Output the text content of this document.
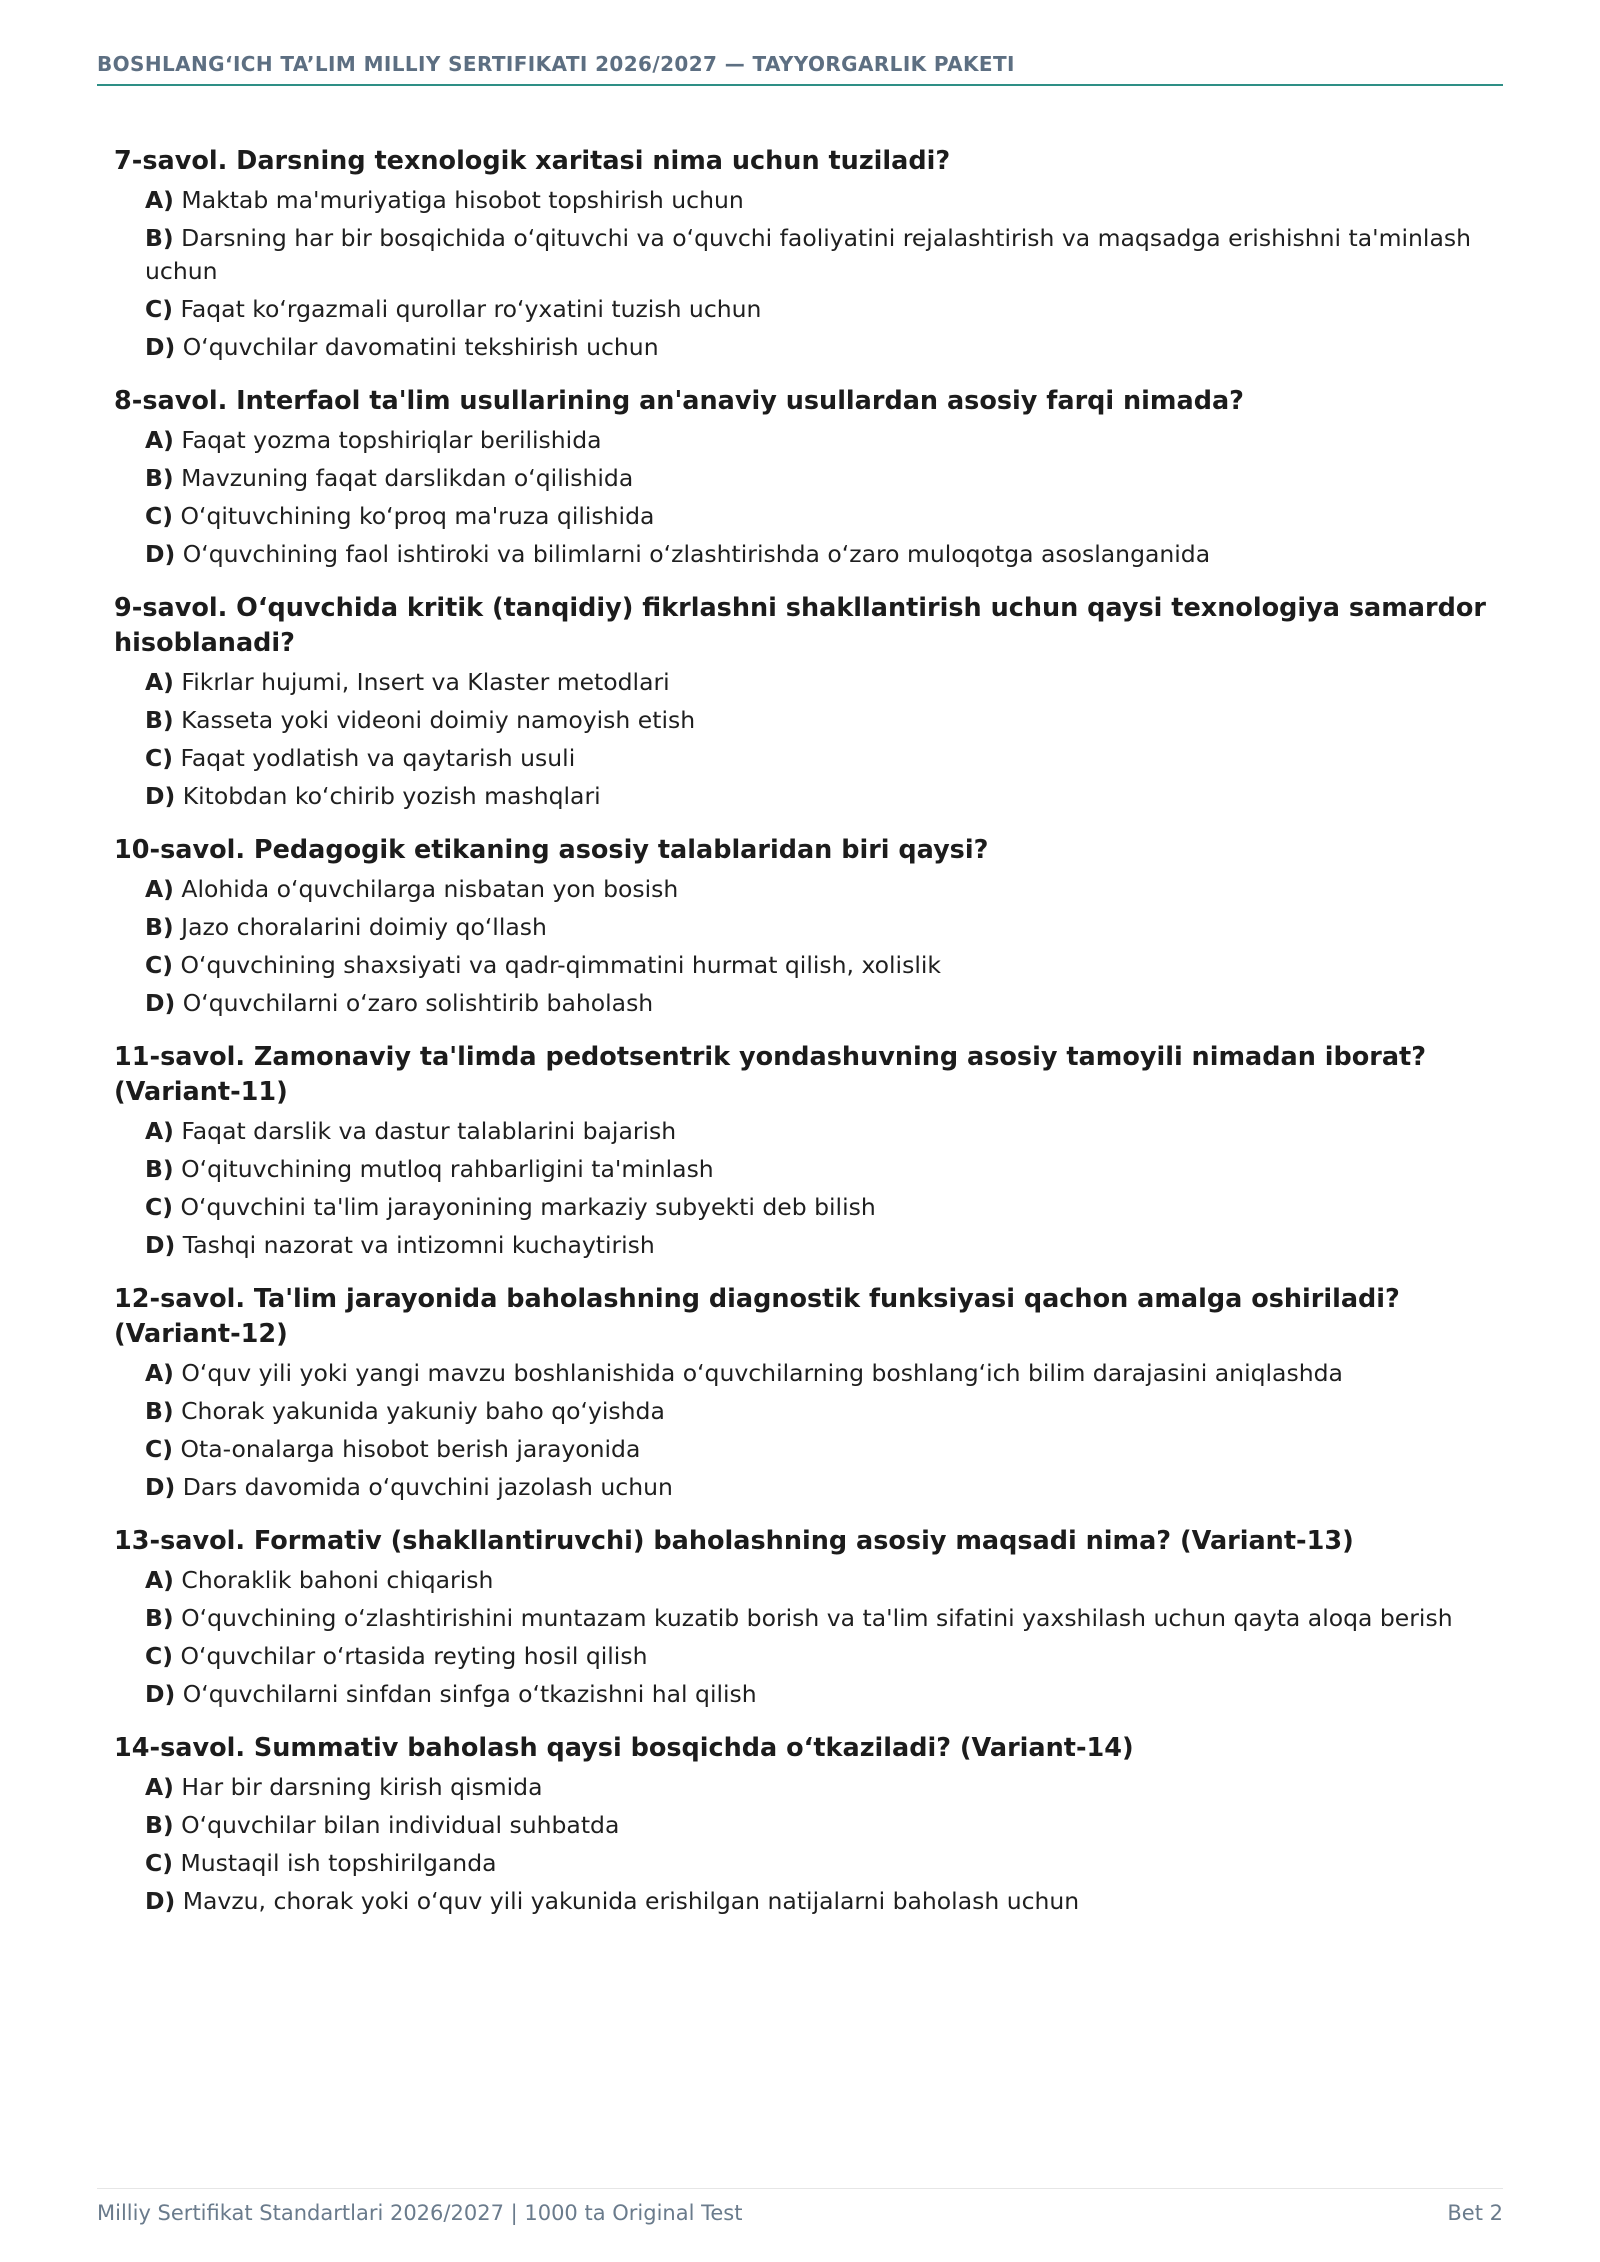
BOSHLANG‘ICH TA’LIM MILLIY SERTIFIKATI 2026/2027 — TAYYORGARLIK PAKETI
7-savol. Darsning texnologik xaritasi nima uchun tuziladi?
A) Maktab ma'muriyatiga hisobot topshirish uchun
B) Darsning har bir bosqichida o‘qituvchi va o‘quvchi faoliyatini rejalashtirish va maqsadga erishishni ta'minlash uchun
C) Faqat ko‘rgazmali qurollar ro‘yxatini tuzish uchun
D) O‘quvchilar davomatini tekshirish uchun
8-savol. Interfaol ta'lim usullarining an'anaviy usullardan asosiy farqi nimada?
A) Faqat yozma topshiriqlar berilishida
B) Mavzuning faqat darslikdan o‘qilishida
C) O‘qituvchining ko‘proq ma'ruza qilishida
D) O‘quvchining faol ishtiroki va bilimlarni o‘zlashtirishda o‘zaro muloqotga asoslanganida
9-savol. O‘quvchida kritik (tanqidiy) fikrlashni shakllantirish uchun qaysi texnologiya samardor hisoblanadi?
A) Fikrlar hujumi, Insert va Klaster metodlari
B) Kasseta yoki videoni doimiy namoyish etish
C) Faqat yodlatish va qaytarish usuli
D) Kitobdan ko‘chirib yozish mashqlari
10-savol. Pedagogik etikaning asosiy talablaridan biri qaysi?
A) Alohida o‘quvchilarga nisbatan yon bosish
B) Jazo choralarini doimiy qo‘llash
C) O‘quvchining shaxsiyati va qadr-qimmatini hurmat qilish, xolislik
D) O‘quvchilarni o‘zaro solishtirib baholash
11-savol. Zamonaviy ta'limda pedotsentrik yondashuvning asosiy tamoyili nimadan iborat? (Variant-11)
A) Faqat darslik va dastur talablarini bajarish
B) O‘qituvchining mutloq rahbarligini ta'minlash
C) O‘quvchini ta'lim jarayonining markaziy subyekti deb bilish
D) Tashqi nazorat va intizomni kuchaytirish
12-savol. Ta'lim jarayonida baholashning diagnostik funksiyasi qachon amalga oshiriladi? (Variant-12)
A) O‘quv yili yoki yangi mavzu boshlanishida o‘quvchilarning boshlang‘ich bilim darajasini aniqlashda
B) Chorak yakunida yakuniy baho qo‘yishda
C) Ota-onalarga hisobot berish jarayonida
D) Dars davomida o‘quvchini jazolash uchun
13-savol. Formativ (shakllantiruvchi) baholashning asosiy maqsadi nima? (Variant-13)
A) Choraklik bahoni chiqarish
B) O‘quvchining o‘zlashtirishini muntazam kuzatib borish va ta'lim sifatini yaxshilash uchun qayta aloqa berish
C) O‘quvchilar o‘rtasida reyting hosil qilish
D) O‘quvchilarni sinfdan sinfga o‘tkazishni hal qilish
14-savol. Summativ baholash qaysi bosqichda o‘tkaziladi? (Variant-14)
A) Har bir darsning kirish qismida
B) O‘quvchilar bilan individual suhbatda
C) Mustaqil ish topshirilganda
D) Mavzu, chorak yoki o‘quv yili yakunida erishilgan natijalarni baholash uchun
Milliy Sertifikat Standartlari 2026/2027 | 1000 ta Original Test	Bet 2
